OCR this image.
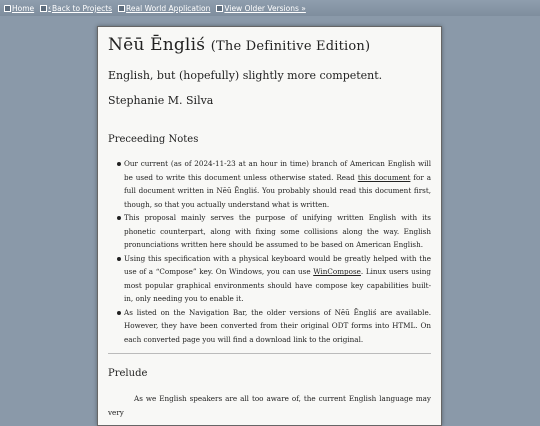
Home ‹ Back to Projects Real World Application View Older Versions »
Nēū Ēngliś (The Definitive Edition)

English, but (hopefully) slightly more competent.

Stephanie M. Silva

Preceeding Notes
Our current (as of 2024-11-23 at an hour in time) branch of American English will be used to write this document unless otherwise stated. Read this document for a full document written in Nēū Ēngliś. You probably should read this document first, though, so that you actually understand what is written.
This proposal mainly serves the purpose of unifying written English with its phonetic counterpart, along with fixing some collisions along the way. English pronunciations written here should be assumed to be based on American English.
Using this specification with a physical keyboard would be greatly helped with the use of a “Compose” key. On Windows, you can use WinCompose. Linux users using most popular graphical environments should have compose key capabilities built-in, only needing you to enable it.
As listed on the Navigation Bar, the older versions of Nēū Ēngliś are available. However, they have been converted from their original ODT forms into HTML. On each converted page you will find a download link to the original.
Prelude

As we English speakers are all too aware of, the current English language may very
